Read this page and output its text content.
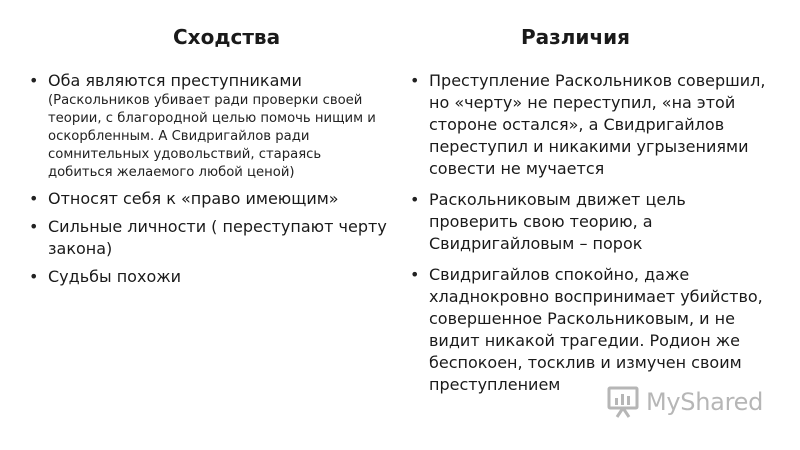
Сходства	Различия
• Оба являются преступниками
(Раскольников убивает ради проверки своей
теории, с благородной целью помочь нищим и
оскорбленным. А Свидригайлов ради
сомнительных удовольствий, стараясь
добиться желаемого любой ценой)
• Относят себя к «право имеющим»
• Сильные личности ( переступают черту
закона)
• Судьбы похожи
• Преступление Раскольников совершил,
но «черту» не переступил, «на этой
стороне остался», а Свидригайлов
переступил и никакими угрызениями
совести не мучается
• Раскольниковым движет цель
проверить свою теорию, а
Свидригайловым – порок
• Свидригайлов спокойно, даже
хладнокровно воспринимает убийство,
совершенное Раскольниковым, и не
видит никакой трагедии. Родион же
беспокоен, тосклив и измучен своим
преступлением
MyShared
